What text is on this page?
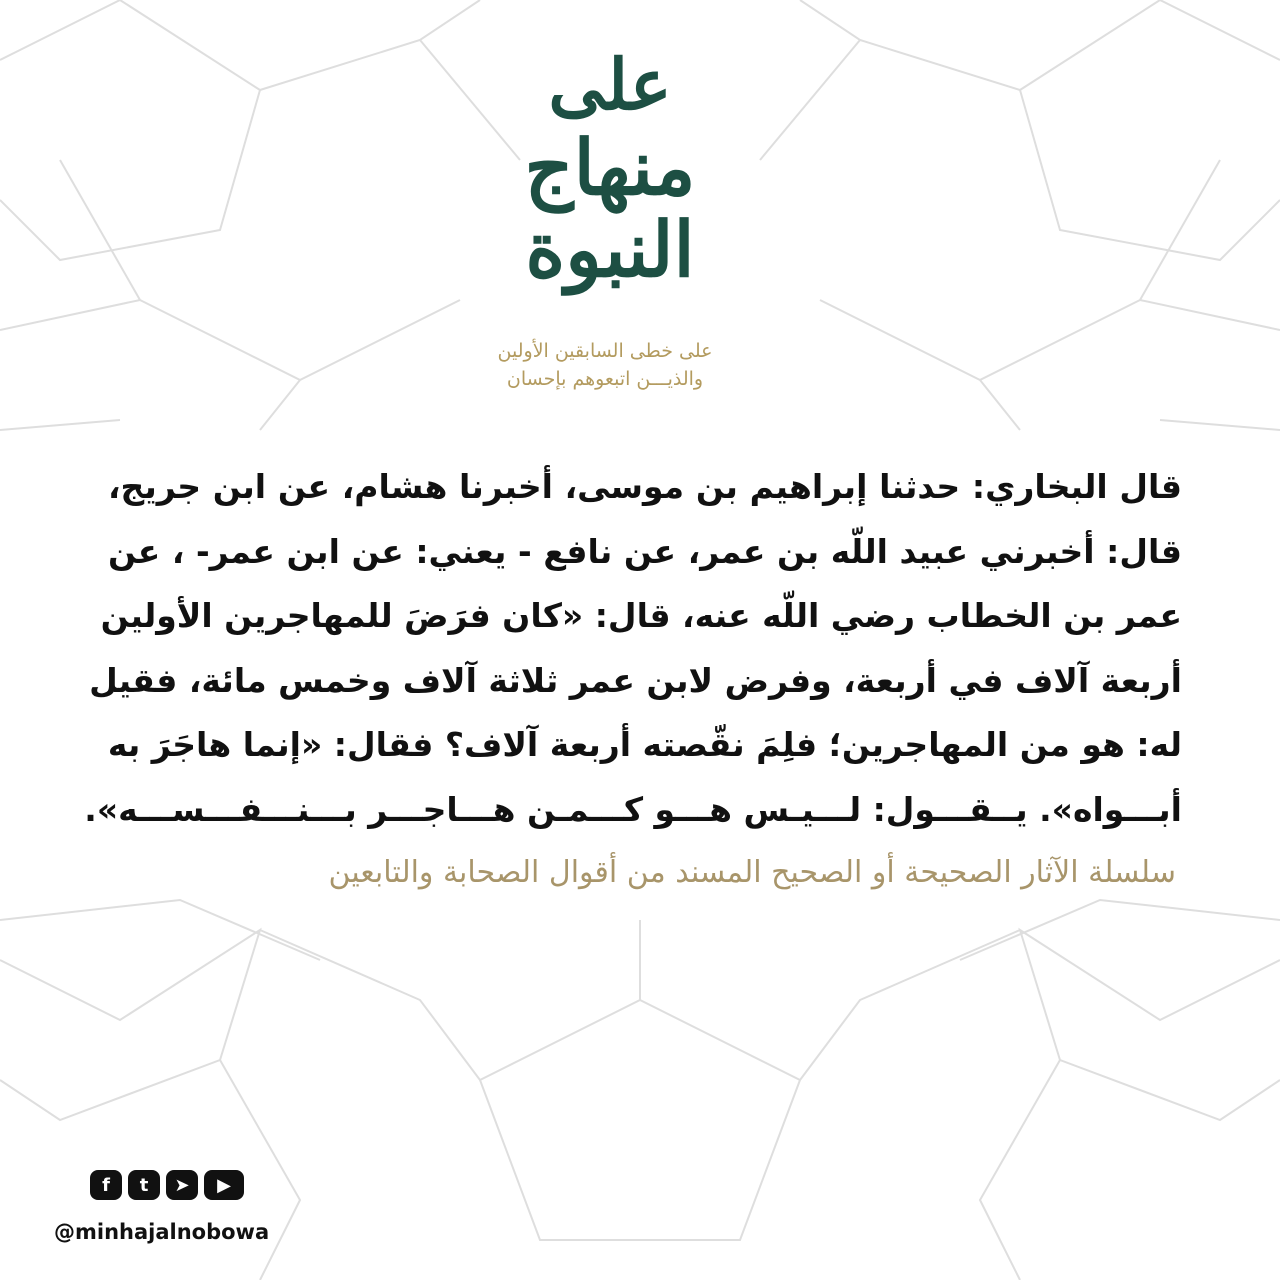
على
منهاج
النبوة
على خطى السابقين الأولين
والذيـــن اتبعوهم بإحسان
قال البخاري: حدثنا إبراهيم بن موسى، أخبرنا هشام، عن ابن جريج،
قال: أخبرني عبيد اللّه بن عمر، عن نافع - يعني: عن ابن عمر- ، عن
عمر بن الخطاب رضي اللّه عنه، قال: «كان فرَضَ للمهاجرين الأولين
أربعة آلاف في أربعة، وفرض لابن عمر ثلاثة آلاف وخمس مائة، فقيل
له: هو من المهاجرين؛ فلِمَ نقّصته أربعة آلاف؟ فقال: «إنما هاجَرَ به
أبـــواه». يــقـــول: لـــيـس هـــو كـــمـن هـــاجـــر بـــنـــفـــســـه».
سلسلة الآثار الصحيحة أو الصحيح المسند من أقوال الصحابة والتابعين
f	t	➤	▶
@minhajalnobowa
